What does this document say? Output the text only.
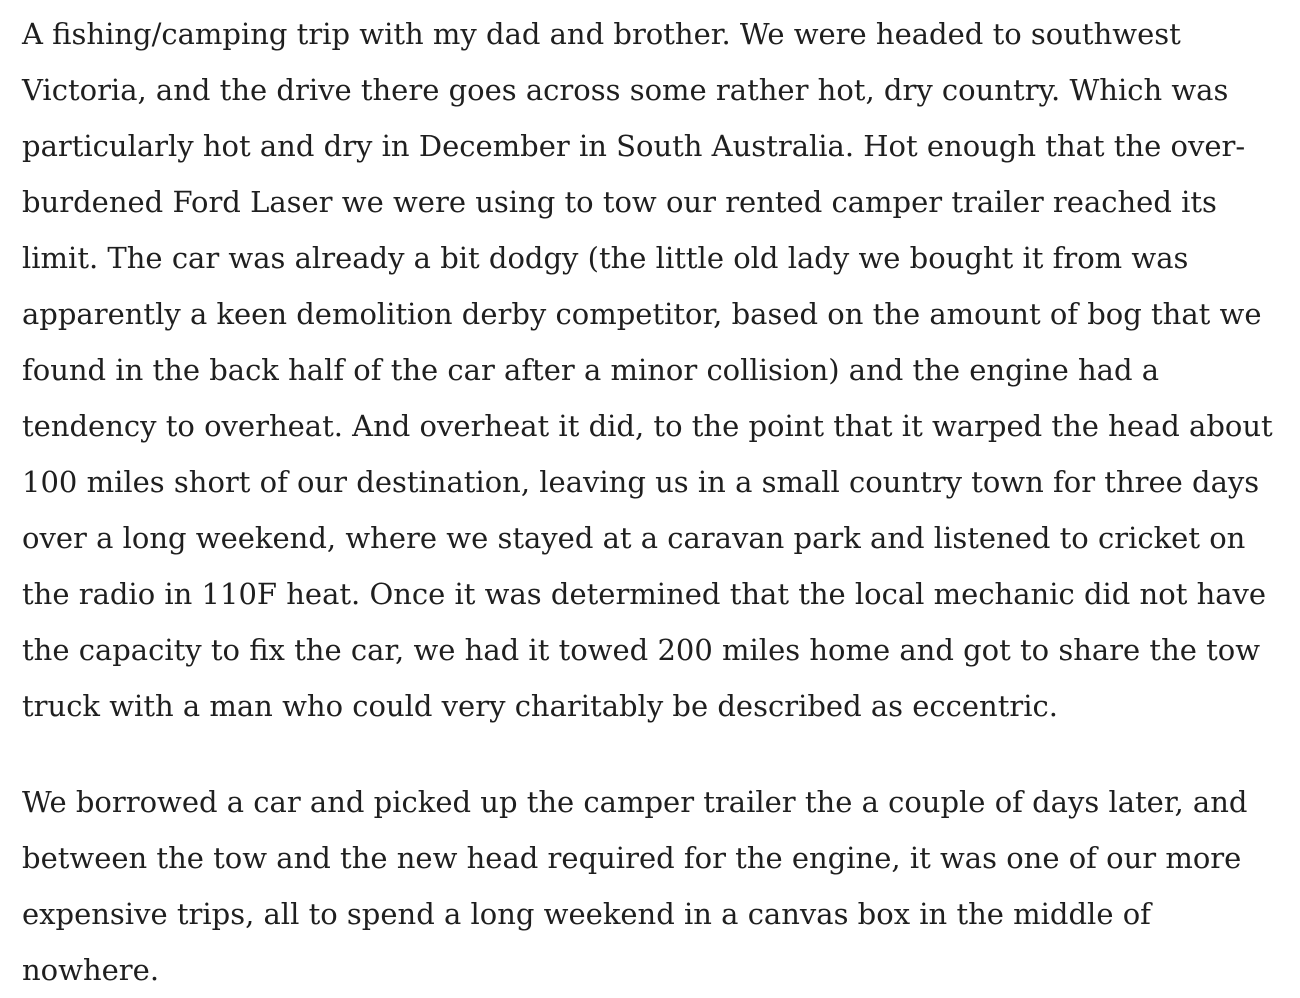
A fishing/camping trip with my dad and brother. We were headed to southwest Victoria, and the drive there goes across some rather hot, dry country. Which was particularly hot and dry in December in South Australia. Hot enough that the over-burdened Ford Laser we were using to tow our rented camper trailer reached its limit. The car was already a bit dodgy (the little old lady we bought it from was apparently a keen demolition derby competitor, based on the amount of bog that we found in the back half of the car after a minor collision) and the engine had a tendency to overheat. And overheat it did, to the point that it warped the head about 100 miles short of our destination, leaving us in a small country town for three days over a long weekend, where we stayed at a caravan park and listened to cricket on the radio in 110F heat. Once it was determined that the local mechanic did not have the capacity to fix the car, we had it towed 200 miles home and got to share the tow truck with a man who could very charitably be described as eccentric.

We borrowed a car and picked up the camper trailer the a couple of days later, and between the tow and the new head required for the engine, it was one of our more expensive trips, all to spend a long weekend in a canvas box in the middle of nowhere.
